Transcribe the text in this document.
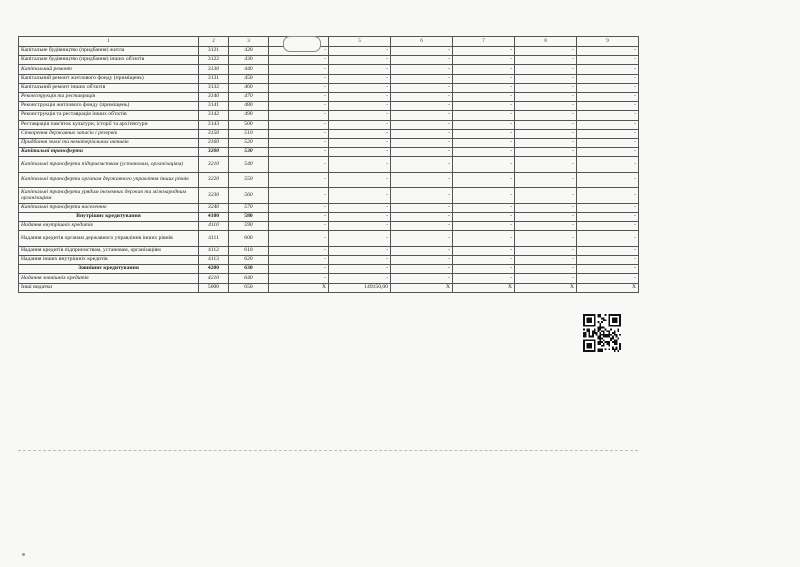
1	2	3		5	6	7	8	9
Капітальне будівництво (придбання) житла	3121	420	-	-	-	-	-	-
Капітальне будівництво (придбання) інших об'єктів	3122	430	-	-	-	-	-	-
Капітальний ремонт	3130	440	-	-	-	-	-	-
Капітальний ремонт житлового фонду (приміщень)	3131	450	-	-	-	-	-	-
Капітальний ремонт інших об'єктів	3132	460	-	-	-	-	-	-
Реконструкція та реставрація	3140	470	-	-	-	-	-	-
Реконструкція житлового фонду (приміщень)	3141	480	-	-	-	-	-	-
Реконструкція та реставрація інших об'єктів	3142	490	-	-	-	-	-	-
Реставрація пам'яток культури, історії та архітектури	3143	500	-	-	-	-	-	-
Створення державних запасів і резервів	3150	510	-	-	-	-	-	-
Придбання землі та нематеріальних активів	3160	520	-	-	-	-	-	-
Капітальні трансферти	3200	530	-	-	-	-	-	-
Капітальні трансферти підприємствам (установам, організаціям)	3210	540	-	-	-	-	-	-
Капітальні трансферти органам державного управління інших рівнів	3220	550	-	-	-	-	-	-
Капітальні трансферти урядам іноземних держав та міжнародним організаціям	3230	560	-	-	-	-	-	-
Капітальні трансферти населенню	3240	570	-	-	-	-	-	-
Внутрішнє кредитування	4100	580	-	-	-	-	-	-
Надання внутрішніх кредитів	4110	590	-	-	-	-	-	-
Надання кредитів органам державного управління інших рівнів	4111	600	-	-	-	-	-	-
Надання кредитів підприємствам, установам, організаціям	4112	610	-	-	-	-	-	-
Надання інших внутрішніх кредитів	4113	620	-	-	-	-	-	-
Зовнішнє кредитування	4200	630	-	-	-	-	-	-
Надання зовнішніх кредитів	4210	640	-	-	-	-	-	-
Інші видатки	5000	650	X	149150,00	X	X	X	X
